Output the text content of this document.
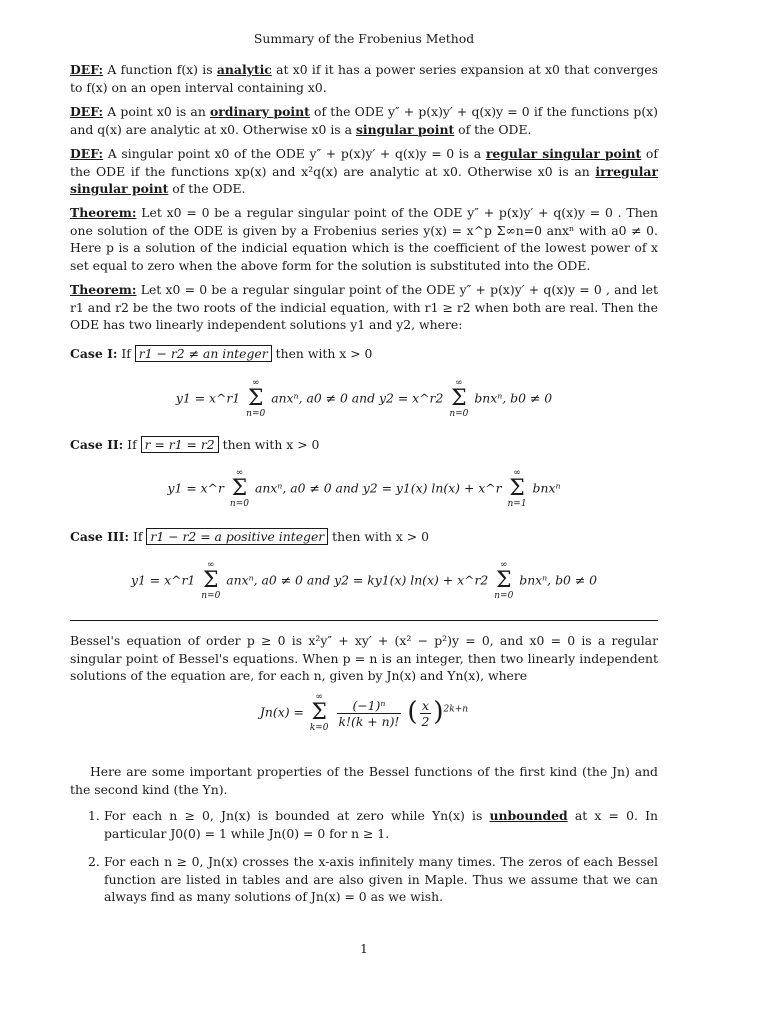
Summary of the Frobenius Method
DEF: A function f(x) is analytic at x0 if it has a power series expansion at x0 that converges to f(x) on an open interval containing x0.
DEF: A point x0 is an ordinary point of the ODE y″ + p(x)y′ + q(x)y = 0 if the functions p(x) and q(x) are analytic at x0. Otherwise x0 is a singular point of the ODE.
DEF: A singular point x0 of the ODE y″ + p(x)y′ + q(x)y = 0 is a regular singular point of the ODE if the functions xp(x) and x²q(x) are analytic at x0. Otherwise x0 is an irregular singular point of the ODE.
Theorem: Let x0 = 0 be a regular singular point of the ODE y″ + p(x)y′ + q(x)y = 0 . Then one solution of the ODE is given by a Frobenius series y(x) = x^p Σ∞n=0 anxⁿ with a0 ≠ 0. Here p is a solution of the indicial equation which is the coefficient of the lowest power of x set equal to zero when the above form for the solution is substituted into the ODE.
Theorem: Let x0 = 0 be a regular singular point of the ODE y″ + p(x)y′ + q(x)y = 0 , and let r1 and r2 be the two roots of the indicial equation, with r1 ≥ r2 when both are real. Then the ODE has two linearly independent solutions y1 and y2, where:
Case I: If r1 − r2 ≠ an integer then with x > 0
y1 = x^r1
∞
Σ
n=0
anxⁿ, a0 ≠ 0 and y2 = x^r2
∞
Σ
n=0
bnxⁿ, b0 ≠ 0
Case II: If r = r1 = r2 then with x > 0
y1 = x^r
∞
Σ
n=0
anxⁿ, a0 ≠ 0 and y2 = y1(x) ln(x) + x^r
∞
Σ
n=1
bnxⁿ
Case III: If r1 − r2 = a positive integer then with x > 0
y1 = x^r1
∞
Σ
n=0
anxⁿ, a0 ≠ 0 and y2 = ky1(x) ln(x) + x^r2
∞
Σ
n=0
bnxⁿ, b0 ≠ 0
Bessel's equation of order p ≥ 0 is x²y″ + xy′ + (x² − p²)y = 0, and x0 = 0 is a regular singular point of Bessel's equations. When p = n is an integer, then two linearly independent solutions of the equation are, for each n, given by Jn(x) and Yn(x), where
Jn(x) =
∞
Σ
k=0
$\frac{\text{(−1)ⁿ}}{k!(k + n)!}$ ( $\frac{x}{2} )^{2k+n}$
Here are some important properties of the Bessel functions of the first kind (the Jn) and the second kind (the Yn).
1. For each n ≥ 0, Jn(x) is bounded at zero while Yn(x) is unbounded at x = 0. In particular J0(0) = 1 while Jn(0) = 0 for n ≥ 1.
2. For each n ≥ 0, Jn(x) crosses the x-axis infinitely many times. The zeros of each Bessel function are listed in tables and are also given in Maple. Thus we assume that we can always find as many solutions of Jn(x) = 0 as we wish.
1
